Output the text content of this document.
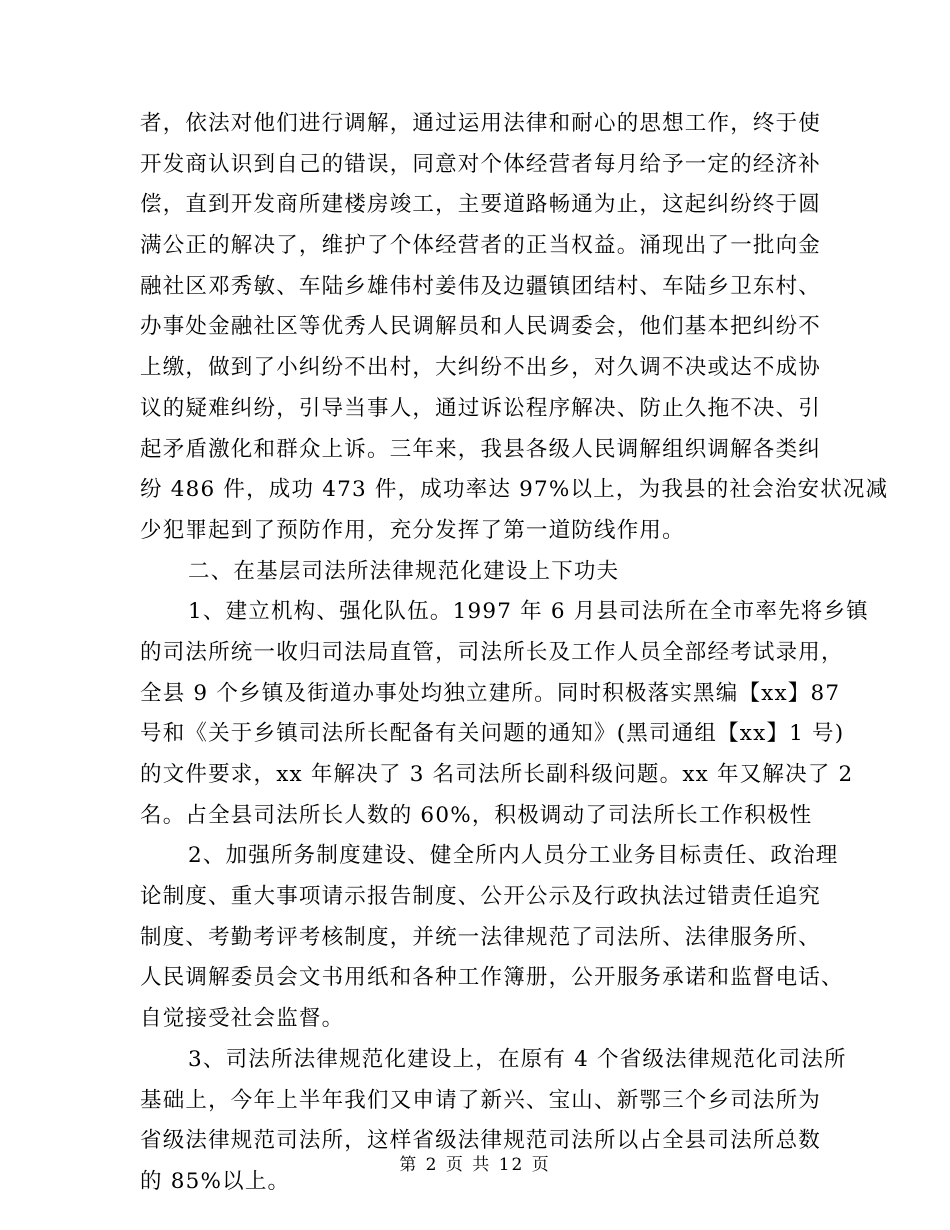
者，依法对他们进行调解，通过运用法律和耐心的思想工作，终于使
开发商认识到自己的错误，同意对个体经营者每月给予一定的经济补
偿，直到开发商所建楼房竣工，主要道路畅通为止，这起纠纷终于圆
满公正的解决了，维护了个体经营者的正当权益。涌现出了一批向金
融社区邓秀敏、车陆乡雄伟村姜伟及边疆镇团结村、车陆乡卫东村、
办事处金融社区等优秀人民调解员和人民调委会，他们基本把纠纷不
上缴，做到了小纠纷不出村，大纠纷不出乡，对久调不决或达不成协
议的疑难纠纷，引导当事人，通过诉讼程序解决、防止久拖不决、引
起矛盾激化和群众上诉。三年来，我县各级人民调解组织调解各类纠
纷 486 件，成功 473 件，成功率达 97%以上，为我县的社会治安状况减
少犯罪起到了预防作用，充分发挥了第一道防线作用。
二、在基层司法所法律规范化建设上下功夫
1、建立机构、强化队伍。1997 年 6 月县司法所在全市率先将乡镇
的司法所统一收归司法局直管，司法所长及工作人员全部经考试录用，
全县 9 个乡镇及街道办事处均独立建所。同时积极落实黑编【xx】87
号和《关于乡镇司法所长配备有关问题的通知》(黑司通组【xx】1 号)
的文件要求，xx 年解决了 3 名司法所长副科级问题。xx 年又解决了 2
名。占全县司法所长人数的 60%，积极调动了司法所长工作积极性
2、加强所务制度建设、健全所内人员分工业务目标责任、政治理
论制度、重大事项请示报告制度、公开公示及行政执法过错责任追究
制度、考勤考评考核制度，并统一法律规范了司法所、法律服务所、
人民调解委员会文书用纸和各种工作簿册，公开服务承诺和监督电话、
自觉接受社会监督。
3、司法所法律规范化建设上，在原有 4 个省级法律规范化司法所
基础上，今年上半年我们又申请了新兴、宝山、新鄂三个乡司法所为
省级法律规范司法所，这样省级法律规范司法所以占全县司法所总数
的 85%以上。
第 2 页 共 12 页
